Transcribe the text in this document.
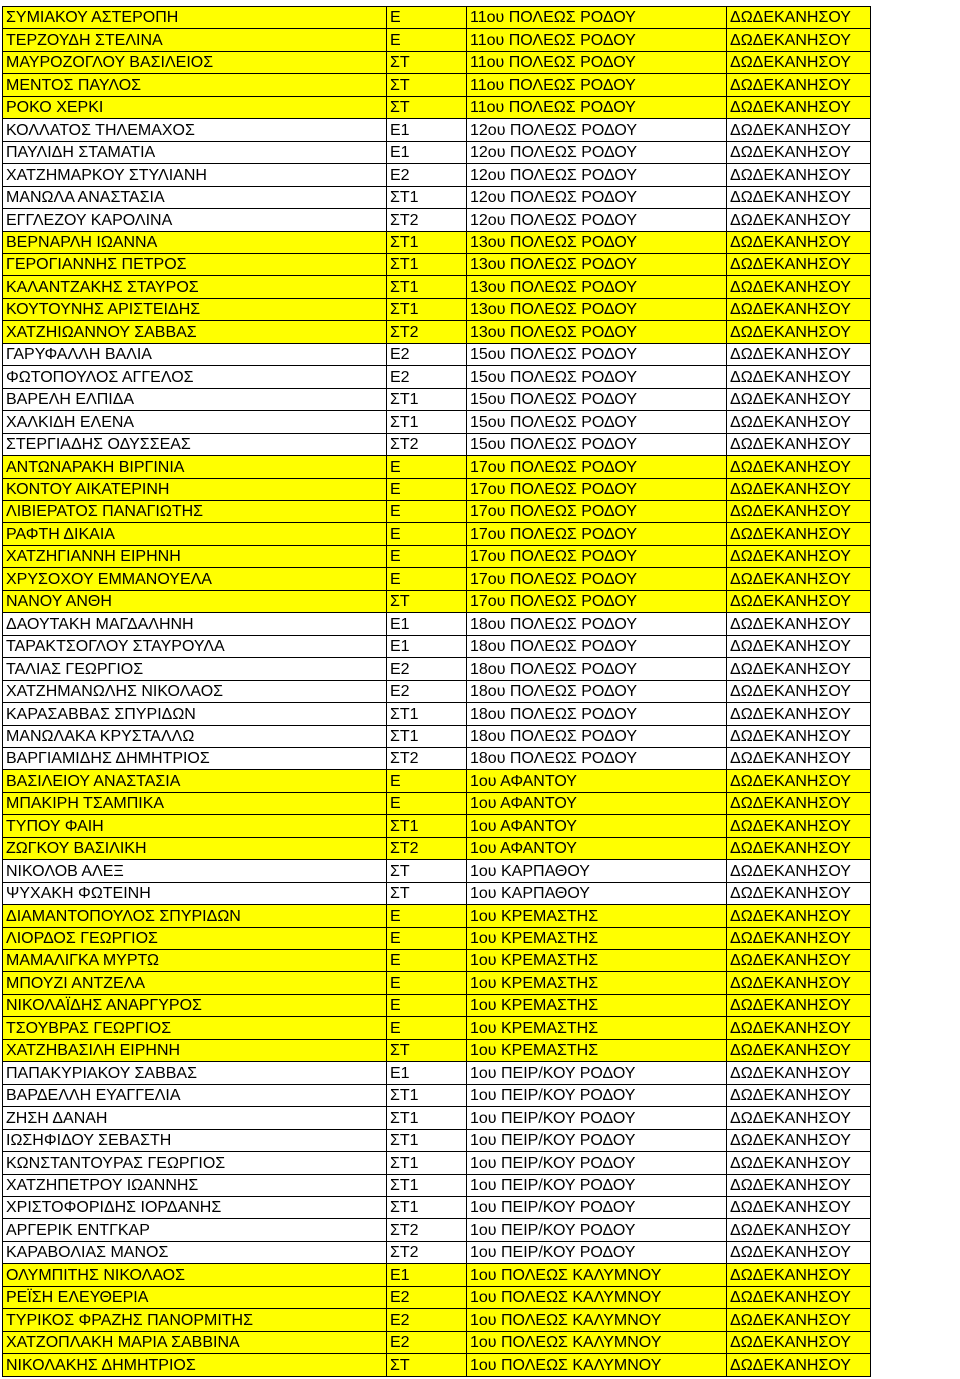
ΣΥΜΙΑΚΟΥ ΑΣΤΕΡΟΠΗ	Ε	11ου ΠΟΛΕΩΣ ΡΟΔΟΥ	ΔΩΔΕΚΑΝΗΣΟΥ
ΤΕΡΖΟΥΔΗ ΣΤΕΛΙΝΑ	Ε	11ου ΠΟΛΕΩΣ ΡΟΔΟΥ	ΔΩΔΕΚΑΝΗΣΟΥ
ΜΑΥΡΟΖΟΓΛΟΥ ΒΑΣΙΛΕΙΟΣ	ΣΤ	11ου ΠΟΛΕΩΣ ΡΟΔΟΥ	ΔΩΔΕΚΑΝΗΣΟΥ
ΜΕΝΤΟΣ ΠΑΥΛΟΣ	ΣΤ	11ου ΠΟΛΕΩΣ ΡΟΔΟΥ	ΔΩΔΕΚΑΝΗΣΟΥ
ΡΟΚΟ ΧΕΡΚΙ	ΣΤ	11ου ΠΟΛΕΩΣ ΡΟΔΟΥ	ΔΩΔΕΚΑΝΗΣΟΥ
ΚΟΛΛΑΤΟΣ ΤΗΛΕΜΑΧΟΣ	Ε1	12ου ΠΟΛΕΩΣ ΡΟΔΟΥ	ΔΩΔΕΚΑΝΗΣΟΥ
ΠΑΥΛΙΔΗ ΣΤΑΜΑΤΙΑ	Ε1	12ου ΠΟΛΕΩΣ ΡΟΔΟΥ	ΔΩΔΕΚΑΝΗΣΟΥ
ΧΑΤΖΗΜΑΡΚΟΥ ΣΤΥΛΙΑΝΗ	Ε2	12ου ΠΟΛΕΩΣ ΡΟΔΟΥ	ΔΩΔΕΚΑΝΗΣΟΥ
ΜΑΝΩΛΑ ΑΝΑΣΤΑΣΙΑ	ΣΤ1	12ου ΠΟΛΕΩΣ ΡΟΔΟΥ	ΔΩΔΕΚΑΝΗΣΟΥ
ΕΓΓΛΕΖΟΥ ΚΑΡΟΛΙΝΑ	ΣΤ2	12ου ΠΟΛΕΩΣ ΡΟΔΟΥ	ΔΩΔΕΚΑΝΗΣΟΥ
ΒΕΡΝΑΡΛΗ ΙΩΑΝΝΑ	ΣΤ1	13ου ΠΟΛΕΩΣ ΡΟΔΟΥ	ΔΩΔΕΚΑΝΗΣΟΥ
ΓΕΡΟΓΙΑΝΝΗΣ ΠΕΤΡΟΣ	ΣΤ1	13ου ΠΟΛΕΩΣ ΡΟΔΟΥ	ΔΩΔΕΚΑΝΗΣΟΥ
ΚΑΛΑΝΤΖΑΚΗΣ ΣΤΑΥΡΟΣ	ΣΤ1	13ου ΠΟΛΕΩΣ ΡΟΔΟΥ	ΔΩΔΕΚΑΝΗΣΟΥ
ΚΟΥΤΟΥΝΗΣ ΑΡΙΣΤΕΙΔΗΣ	ΣΤ1	13ου ΠΟΛΕΩΣ ΡΟΔΟΥ	ΔΩΔΕΚΑΝΗΣΟΥ
ΧΑΤΖΗΙΩΑΝΝΟΥ ΣΑΒΒΑΣ	ΣΤ2	13ου ΠΟΛΕΩΣ ΡΟΔΟΥ	ΔΩΔΕΚΑΝΗΣΟΥ
ΓΑΡΥΦΑΛΛΗ ΒΑΛΙΑ	Ε2	15ου ΠΟΛΕΩΣ ΡΟΔΟΥ	ΔΩΔΕΚΑΝΗΣΟΥ
ΦΩΤΟΠΟΥΛΟΣ ΑΓΓΕΛΟΣ	Ε2	15ου ΠΟΛΕΩΣ ΡΟΔΟΥ	ΔΩΔΕΚΑΝΗΣΟΥ
ΒΑΡΕΛΗ ΕΛΠΙΔΑ	ΣΤ1	15ου ΠΟΛΕΩΣ ΡΟΔΟΥ	ΔΩΔΕΚΑΝΗΣΟΥ
ΧΑΛΚΙΔΗ ΕΛΕΝΑ	ΣΤ1	15ου ΠΟΛΕΩΣ ΡΟΔΟΥ	ΔΩΔΕΚΑΝΗΣΟΥ
ΣΤΕΡΓΙΑΔΗΣ ΟΔΥΣΣΕΑΣ	ΣΤ2	15ου ΠΟΛΕΩΣ ΡΟΔΟΥ	ΔΩΔΕΚΑΝΗΣΟΥ
ΑΝΤΩΝΑΡΑΚΗ ΒΙΡΓΙΝΙΑ	Ε	17ου ΠΟΛΕΩΣ ΡΟΔΟΥ	ΔΩΔΕΚΑΝΗΣΟΥ
ΚΟΝΤΟΥ ΑΙΚΑΤΕΡΙΝΗ	Ε	17ου ΠΟΛΕΩΣ ΡΟΔΟΥ	ΔΩΔΕΚΑΝΗΣΟΥ
ΛΙΒΙΕΡΑΤΟΣ ΠΑΝΑΓΙΩΤΗΣ	Ε	17ου ΠΟΛΕΩΣ ΡΟΔΟΥ	ΔΩΔΕΚΑΝΗΣΟΥ
ΡΑΦΤΗ ΔΙΚΑΙΑ	Ε	17ου ΠΟΛΕΩΣ ΡΟΔΟΥ	ΔΩΔΕΚΑΝΗΣΟΥ
ΧΑΤΖΗΓΙΑΝΝΗ ΕΙΡΗΝΗ	Ε	17ου ΠΟΛΕΩΣ ΡΟΔΟΥ	ΔΩΔΕΚΑΝΗΣΟΥ
ΧΡΥΣΟΧΟΥ ΕΜΜΑΝΟΥΕΛΑ	Ε	17ου ΠΟΛΕΩΣ ΡΟΔΟΥ	ΔΩΔΕΚΑΝΗΣΟΥ
ΝΑΝΟΥ ΑΝΘΗ	ΣΤ	17ου ΠΟΛΕΩΣ ΡΟΔΟΥ	ΔΩΔΕΚΑΝΗΣΟΥ
ΔΑΟΥΤΑΚΗ ΜΑΓΔΑΛΗΝΗ	Ε1	18ου ΠΟΛΕΩΣ ΡΟΔΟΥ	ΔΩΔΕΚΑΝΗΣΟΥ
ΤΑΡΑΚΤΣΟΓΛΟΥ ΣΤΑΥΡΟΥΛΑ	Ε1	18ου ΠΟΛΕΩΣ ΡΟΔΟΥ	ΔΩΔΕΚΑΝΗΣΟΥ
ΤΑΛΙΑΣ ΓΕΩΡΓΙΟΣ	Ε2	18ου ΠΟΛΕΩΣ ΡΟΔΟΥ	ΔΩΔΕΚΑΝΗΣΟΥ
ΧΑΤΖΗΜΑΝΩΛΗΣ ΝΙΚΟΛΑΟΣ	Ε2	18ου ΠΟΛΕΩΣ ΡΟΔΟΥ	ΔΩΔΕΚΑΝΗΣΟΥ
ΚΑΡΑΣΑΒΒΑΣ ΣΠΥΡΙΔΩΝ	ΣΤ1	18ου ΠΟΛΕΩΣ ΡΟΔΟΥ	ΔΩΔΕΚΑΝΗΣΟΥ
ΜΑΝΩΛΑΚΑ ΚΡΥΣΤΑΛΛΩ	ΣΤ1	18ου ΠΟΛΕΩΣ ΡΟΔΟΥ	ΔΩΔΕΚΑΝΗΣΟΥ
ΒΑΡΓΙΑΜΙΔΗΣ ΔΗΜΗΤΡΙΟΣ	ΣΤ2	18ου ΠΟΛΕΩΣ ΡΟΔΟΥ	ΔΩΔΕΚΑΝΗΣΟΥ
ΒΑΣΙΛΕΙΟΥ ΑΝΑΣΤΑΣΙΑ	Ε	1ου ΑΦΑΝΤΟΥ	ΔΩΔΕΚΑΝΗΣΟΥ
ΜΠΑΚΙΡΗ ΤΣΑΜΠΙΚΑ	Ε	1ου ΑΦΑΝΤΟΥ	ΔΩΔΕΚΑΝΗΣΟΥ
ΤΥΠΟΥ ΦΑΙΗ	ΣΤ1	1ου ΑΦΑΝΤΟΥ	ΔΩΔΕΚΑΝΗΣΟΥ
ΖΩΓΚΟΥ ΒΑΣΙΛΙΚΗ	ΣΤ2	1ου ΑΦΑΝΤΟΥ	ΔΩΔΕΚΑΝΗΣΟΥ
ΝΙΚΟΛΟΒ ΑΛΕΞ	ΣΤ	1ου ΚΑΡΠΑΘΟΥ	ΔΩΔΕΚΑΝΗΣΟΥ
ΨΥΧΑΚΗ ΦΩΤΕΙΝΗ	ΣΤ	1ου ΚΑΡΠΑΘΟΥ	ΔΩΔΕΚΑΝΗΣΟΥ
ΔΙΑΜΑΝΤΟΠΟΥΛΟΣ ΣΠΥΡΙΔΩΝ	Ε	1ου ΚΡΕΜΑΣΤΗΣ	ΔΩΔΕΚΑΝΗΣΟΥ
ΛΙΟΡΔΟΣ ΓΕΩΡΓΙΟΣ	Ε	1ου ΚΡΕΜΑΣΤΗΣ	ΔΩΔΕΚΑΝΗΣΟΥ
ΜΑΜΑΛΙΓΚΑ ΜΥΡΤΩ	Ε	1ου ΚΡΕΜΑΣΤΗΣ	ΔΩΔΕΚΑΝΗΣΟΥ
ΜΠΟΥΖΙ ΑΝΤΖΕΛΑ	Ε	1ου ΚΡΕΜΑΣΤΗΣ	ΔΩΔΕΚΑΝΗΣΟΥ
ΝΙΚΟΛΑΪΔΗΣ ΑΝΑΡΓΥΡΟΣ	Ε	1ου ΚΡΕΜΑΣΤΗΣ	ΔΩΔΕΚΑΝΗΣΟΥ
ΤΣΟΥΒΡΑΣ ΓΕΩΡΓΙΟΣ	Ε	1ου ΚΡΕΜΑΣΤΗΣ	ΔΩΔΕΚΑΝΗΣΟΥ
ΧΑΤΖΗΒΑΣΙΛΗ ΕΙΡΗΝΗ	ΣΤ	1ου ΚΡΕΜΑΣΤΗΣ	ΔΩΔΕΚΑΝΗΣΟΥ
ΠΑΠΑΚΥΡΙΑΚΟΥ ΣΑΒΒΑΣ	Ε1	1ου ΠΕΙΡ/ΚΟΥ ΡΟΔΟΥ	ΔΩΔΕΚΑΝΗΣΟΥ
ΒΑΡΔΕΛΛΗ ΕΥΑΓΓΕΛΙΑ	ΣΤ1	1ου ΠΕΙΡ/ΚΟΥ ΡΟΔΟΥ	ΔΩΔΕΚΑΝΗΣΟΥ
ΖΗΣΗ ΔΑΝΑΗ	ΣΤ1	1ου ΠΕΙΡ/ΚΟΥ ΡΟΔΟΥ	ΔΩΔΕΚΑΝΗΣΟΥ
ΙΩΣΗΦΙΔΟΥ ΣΕΒΑΣΤΗ	ΣΤ1	1ου ΠΕΙΡ/ΚΟΥ ΡΟΔΟΥ	ΔΩΔΕΚΑΝΗΣΟΥ
ΚΩΝΣΤΑΝΤΟΥΡΑΣ ΓΕΩΡΓΙΟΣ	ΣΤ1	1ου ΠΕΙΡ/ΚΟΥ ΡΟΔΟΥ	ΔΩΔΕΚΑΝΗΣΟΥ
ΧΑΤΖΗΠΕΤΡΟΥ ΙΩΑΝΝΗΣ	ΣΤ1	1ου ΠΕΙΡ/ΚΟΥ ΡΟΔΟΥ	ΔΩΔΕΚΑΝΗΣΟΥ
ΧΡΙΣΤΟΦΟΡΙΔΗΣ ΙΟΡΔΑΝΗΣ	ΣΤ1	1ου ΠΕΙΡ/ΚΟΥ ΡΟΔΟΥ	ΔΩΔΕΚΑΝΗΣΟΥ
ΑΡΓΕΡΙΚ ΕΝΤΓΚΑΡ	ΣΤ2	1ου ΠΕΙΡ/ΚΟΥ ΡΟΔΟΥ	ΔΩΔΕΚΑΝΗΣΟΥ
ΚΑΡΑΒΟΛΙΑΣ ΜΑΝΟΣ	ΣΤ2	1ου ΠΕΙΡ/ΚΟΥ ΡΟΔΟΥ	ΔΩΔΕΚΑΝΗΣΟΥ
ΟΛΥΜΠΙΤΗΣ ΝΙΚΟΛΑΟΣ	Ε1	1ου ΠΟΛΕΩΣ ΚΑΛΥΜΝΟΥ	ΔΩΔΕΚΑΝΗΣΟΥ
ΡΕΪΣΗ ΕΛΕΥΘΕΡΙΑ	Ε2	1ου ΠΟΛΕΩΣ ΚΑΛΥΜΝΟΥ	ΔΩΔΕΚΑΝΗΣΟΥ
ΤΥΡΙΚΟΣ ΦΡΑΖΗΣ ΠΑΝΟΡΜΙΤΗΣ	Ε2	1ου ΠΟΛΕΩΣ ΚΑΛΥΜΝΟΥ	ΔΩΔΕΚΑΝΗΣΟΥ
ΧΑΤΖΟΠΛΑΚΗ ΜΑΡΙΑ ΣΑΒΒΙΝΑ	Ε2	1ου ΠΟΛΕΩΣ ΚΑΛΥΜΝΟΥ	ΔΩΔΕΚΑΝΗΣΟΥ
ΝΙΚΟΛΑΚΗΣ ΔΗΜΗΤΡΙΟΣ	ΣΤ	1ου ΠΟΛΕΩΣ ΚΑΛΥΜΝΟΥ	ΔΩΔΕΚΑΝΗΣΟΥ
